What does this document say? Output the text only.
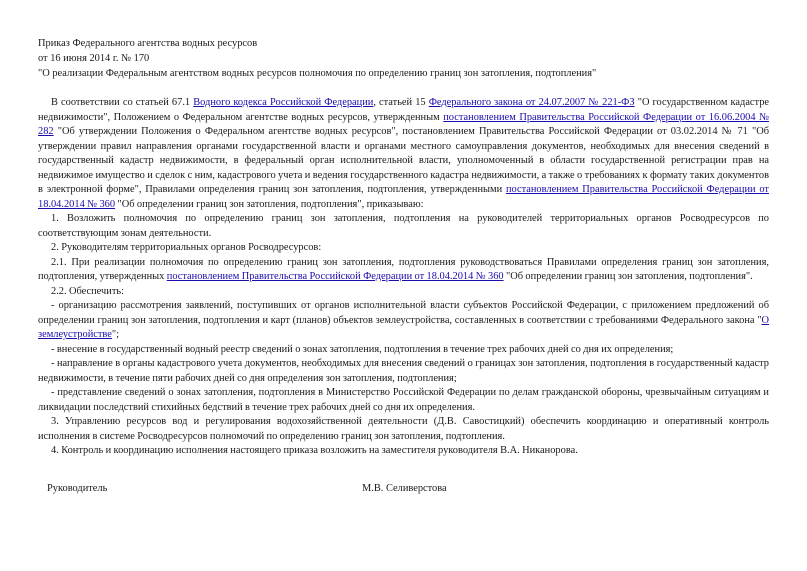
Приказ Федерального агентства водных ресурсов

от 16 июня 2014 г. № 170

"О реализации Федеральным агентством водных ресурсов полномочия по определению границ зон затопления, подтопления"

В соответствии со статьей 67.1 Водного кодекса Российской Федерации, статьей 15 Федерального закона от 24.07.2007 № 221-ФЗ "О государственном кадастре недвижимости", Положением о Федеральном агентстве водных ресурсов, утвержденным постановлением Правительства Российской Федерации от 16.06.2004 № 282 "Об утверждении Положения о Федеральном агентстве водных ресурсов", постановлением Правительства Российской Федерации от 03.02.2014 № 71 "Об утверждении правил направления органами государственной власти и органами местного самоуправления документов, необходимых для внесения сведений в государственный кадастр недвижимости, в федеральный орган исполнительной власти, уполномоченный в области государственной регистрации прав на недвижимое имущество и сделок с ним, кадастрового учета и ведения государственного кадастра недвижимости, а также о требованиях к формату таких документов в электронной форме", Правилами определения границ зон затопления, подтопления, утвержденными постановлением Правительства Российской Федерации от 18.04.2014 № 360 "Об определении границ зон затопления, подтопления", приказываю:

1. Возложить полномочия по определению границ зон затопления, подтопления на руководителей территориальных органов Росводресурсов по соответствующим зонам деятельности.

2. Руководителям территориальных органов Росводресурсов:

2.1. При реализации полномочия по определению границ зон затопления, подтопления руководствоваться Правилами определения границ зон затопления, подтопления, утвержденных постановлением Правительства Российской Федерации от 18.04.2014 № 360 "Об определении границ зон затопления, подтопления".

2.2. Обеспечить:

- организацию рассмотрения заявлений, поступивших от органов исполнительной власти субъектов Российской Федерации, с приложением предложений об определении границ зон затопления, подтопления и карт (планов) объектов землеустройства, составленных в соответствии с требованиями Федерального закона "О землеустройстве";

- внесение в государственный водный реестр сведений о зонах затопления, подтопления в течение трех рабочих дней со дня их определения;

- направление в органы кадастрового учета документов, необходимых для внесения сведений о границах зон затопления, подтопления в государственный кадастр недвижимости, в течение пяти рабочих дней со дня определения зон затопления, подтопления;

- представление сведений о зонах затопления, подтопления в Министерство Российской Федерации по делам гражданской обороны, чрезвычайным ситуациям и ликвидации последствий стихийных бедствий в течение трех рабочих дней со дня их определения.

3. Управлению ресурсов вод и регулирования водохозяйственной деятельности (Д.В. Савостицкий) обеспечить координацию и оперативный контроль исполнения в системе Росводресурсов полномочий по определению границ зон затопления, подтопления.

4. Контроль и координацию исполнения настоящего приказа возложить на заместителя руководителя В.А. Никанорова.

Руководитель	М.В. Селиверстова
